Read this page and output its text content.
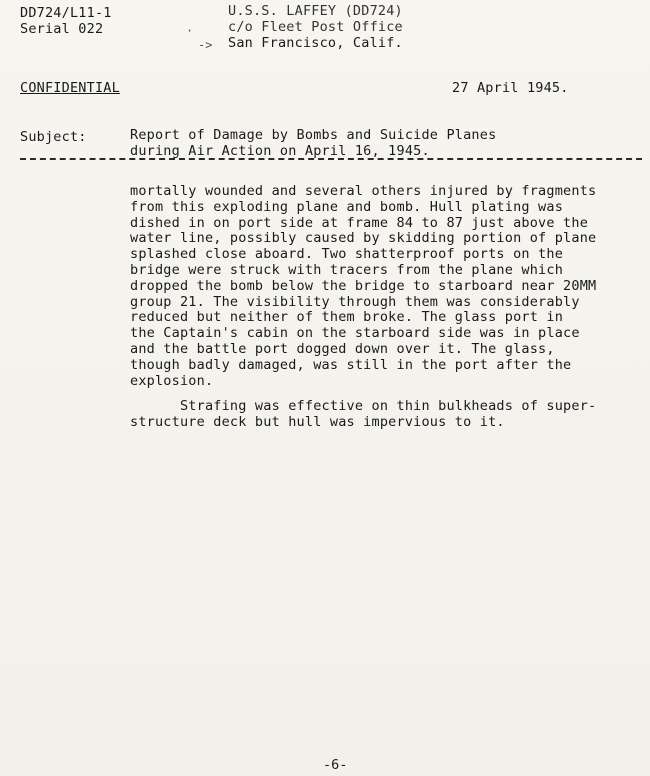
DD724/L11-1
Serial 022
U.S.S. LAFFEY (DD724)
c/o Fleet Post Office
San Francisco, Calif.
·
->
CONFIDENTIAL	27 April 1945.
Subject:	Report of Damage by Bombs and Suicide Planes
during Air Action on April 16, 1945.
mortally wounded and several others injured by fragments
from this exploding plane and bomb. Hull plating was
dished in on port side at frame 84 to 87 just above the
water line, possibly caused by skidding portion of plane
splashed close aboard. Two shatterproof ports on the
bridge were struck with tracers from the plane which
dropped the bomb below the bridge to starboard near 20MM
group 21. The visibility through them was considerably
reduced but neither of them broke. The glass port in
the Captain's cabin on the starboard side was in place
and the battle port dogged down over it. The glass,
though badly damaged, was still in the port after the
explosion.
Strafing was effective on thin bulkheads of super-
structure deck but hull was impervious to it.
-6-
